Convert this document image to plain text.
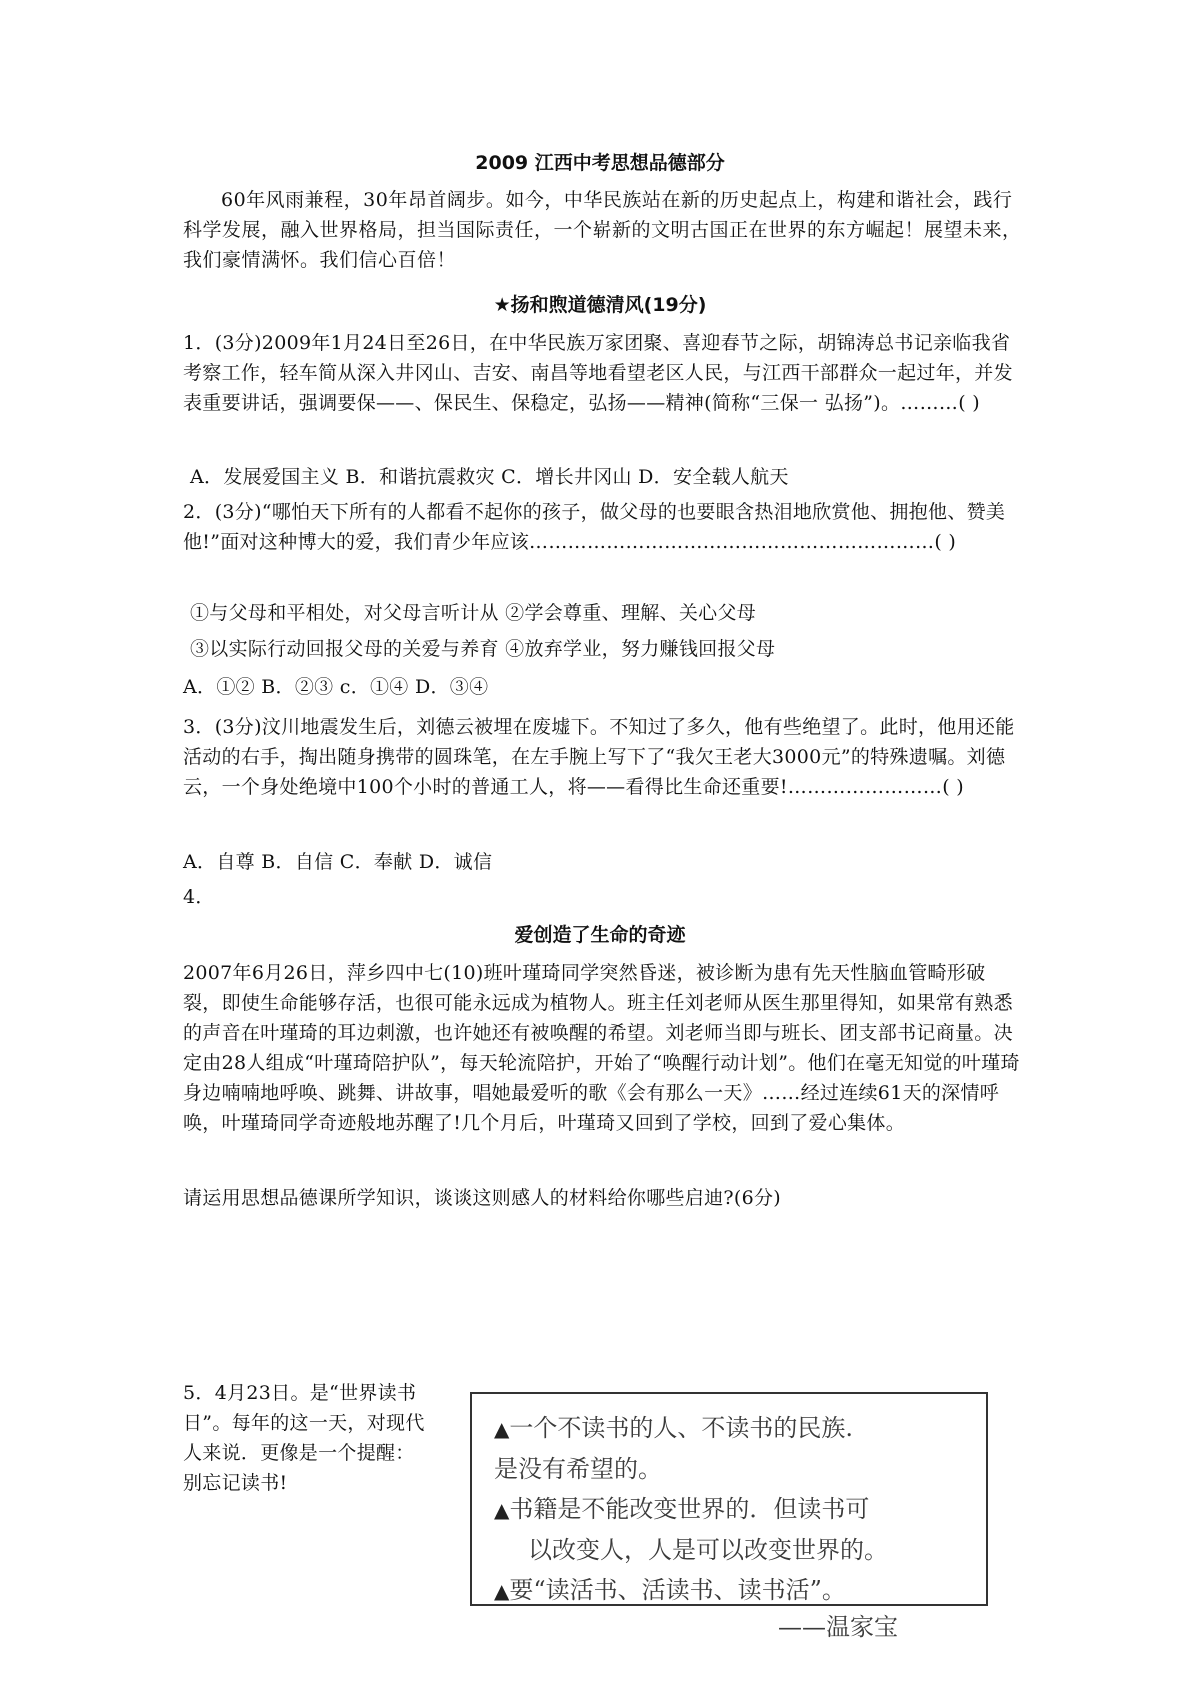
2009 江西中考思想品德部分
60年风雨兼程，30年昂首阔步。如今，中华民族站在新的历史起点上，构建和谐社会，践行科学发展，融入世界格局，担当国际责任，一个崭新的文明古国正在世界的东方崛起！展望未来，我们豪情满怀。我们信心百倍！
★扬和煦道德清风(19分)
1．(3分)2009年1月24日至26日，在中华民族万家团聚、喜迎春节之际，胡锦涛总书记亲临我省考察工作，轻车简从深入井冈山、吉安、南昌等地看望老区人民，与江西干部群众一起过年，并发表重要讲话，强调要保——、保民生、保稳定，弘扬——精神(简称“三保一 弘扬”)。………( )
A．发展爱国主义 B．和谐抗震救灾 C．增长井冈山 D．安全载人航天
2．(3分)“哪怕天下所有的人都看不起你的孩子，做父母的也要眼含热泪地欣赏他、拥抱他、赞美他!”面对这种博大的爱，我们青少年应该………………………………………………………( )
①与父母和平相处，对父母言听计从 ②学会尊重、理解、关心父母
③以实际行动回报父母的关爱与养育 ④放弃学业，努力赚钱回报父母
A．①② B．②③ c．①④ D．③④
3．(3分)汶川地震发生后，刘德云被埋在废墟下。不知过了多久，他有些绝望了。此时，他用还能活动的右手，掏出随身携带的圆珠笔，在左手腕上写下了“我欠王老大3000元”的特殊遗嘱。刘德云，一个身处绝境中100个小时的普通工人，将——看得比生命还重要!……………………( )
A．自尊 B．自信 C．奉献 D．诚信
4．
爱创造了生命的奇迹
2007年6月26日，萍乡四中七(10)班叶瑾琦同学突然昏迷，被诊断为患有先天性脑血管畸形破裂，即使生命能够存活，也很可能永远成为植物人。班主任刘老师从医生那里得知，如果常有熟悉的声音在叶瑾琦的耳边刺激，也许她还有被唤醒的希望。刘老师当即与班长、团支部书记商量。决定由28人组成“叶瑾琦陪护队”，每天轮流陪护，开始了“唤醒行动计划”。他们在毫无知觉的叶瑾琦身边喃喃地呼唤、跳舞、讲故事，唱她最爱听的歌《会有那么一天》……经过连续61天的深情呼唤，叶瑾琦同学奇迹般地苏醒了!几个月后，叶瑾琦又回到了学校，回到了爱心集体。
请运用思想品德课所学知识，谈谈这则感人的材料给你哪些启迪?(6分)
5．4月23日。是“世界读书日”。每年的这一天，对现代人来说．更像是一个提醒：别忘记读书!
▲一个不读书的人、不读书的民族.
是没有希望的。
▲书籍是不能改变世界的．但读书可
以改变人，人是可以改变世界的。
▲要“读活书、活读书、读书活”。
——温家宝
